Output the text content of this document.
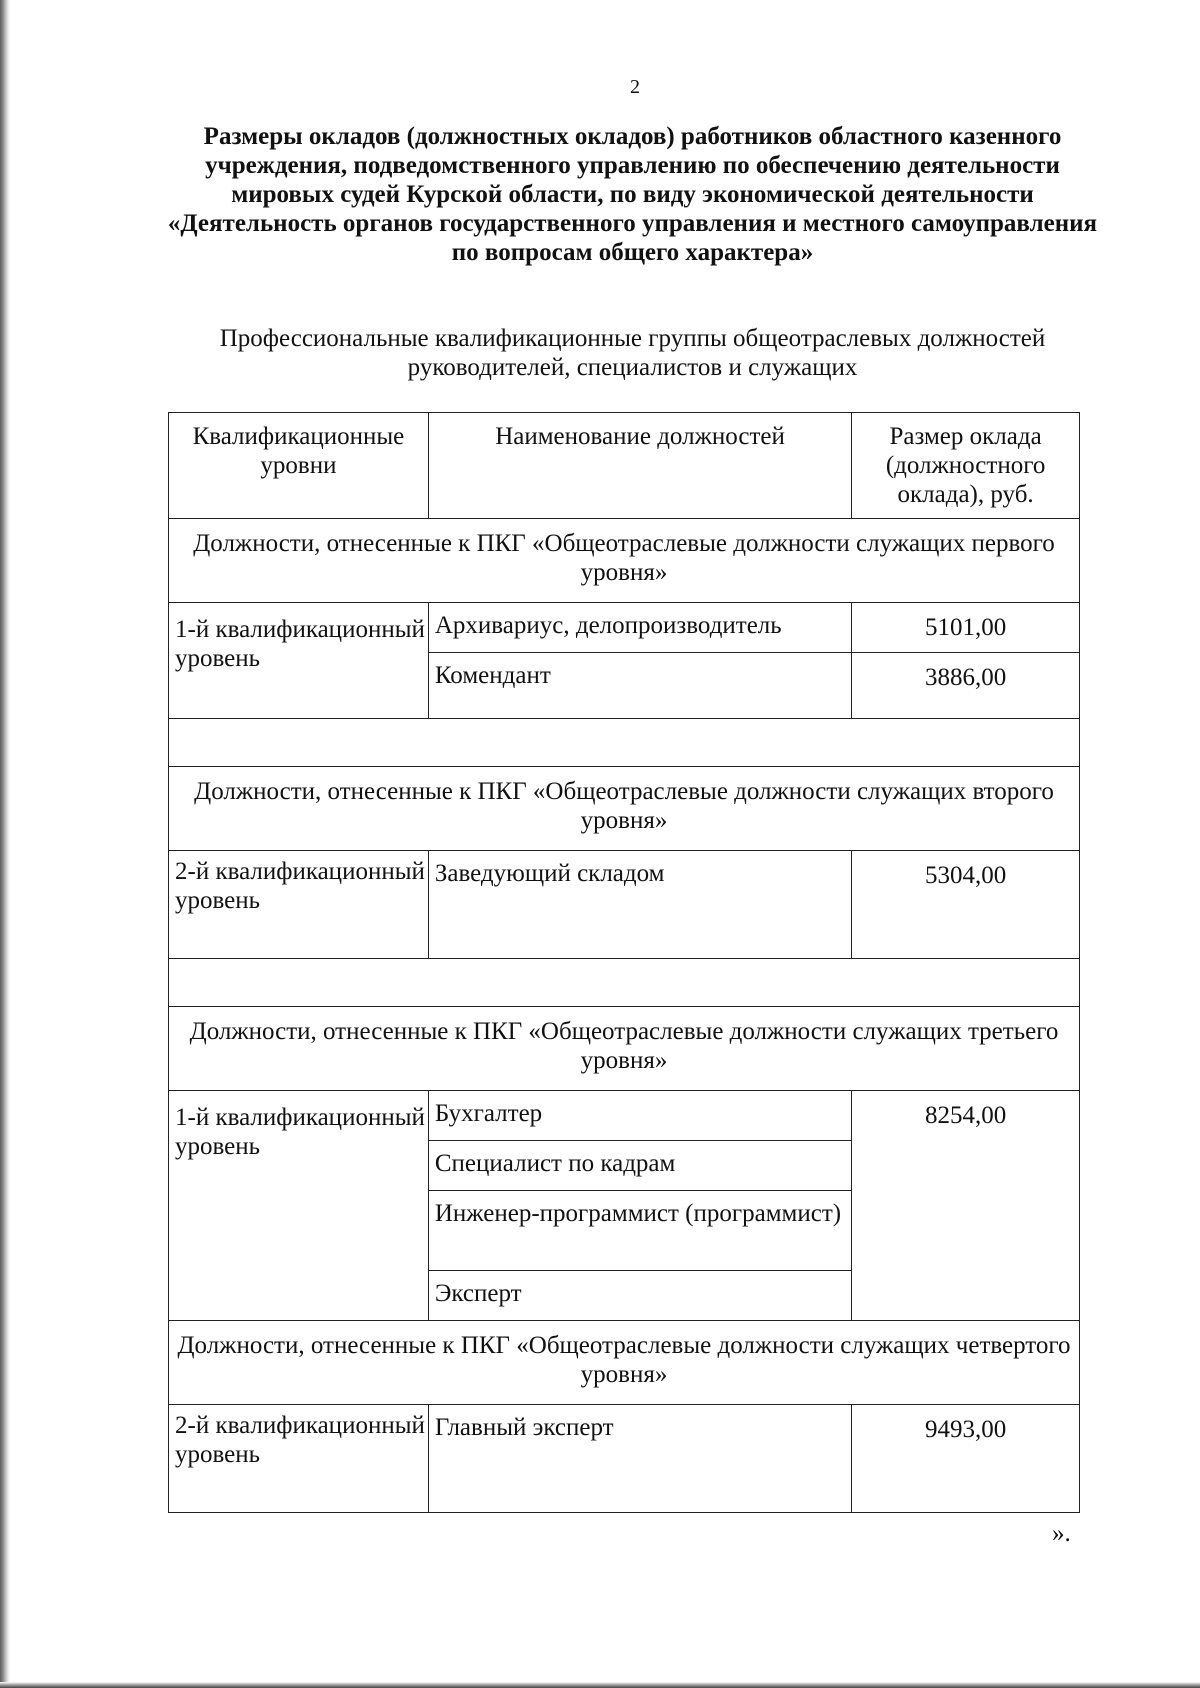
2
Размеры окладов (должностных окладов) работников областного казенного учреждения, подведомственного управлению по обеспечению деятельности мировых судей Курской области, по виду экономической деятельности «Деятельность органов государственного управления и местного самоуправления по вопросам общего характера»
Профессиональные квалификационные группы общеотраслевых должностей руководителей, специалистов и служащих
Квалификационные уровни	Наименование должностей	Размер оклада (должностного оклада), руб.
Должности, отнесенные к ПКГ «Общеотраслевые должности служащих первого уровня»		
1-й квалификационный уровень	Архивариус, делопроизводитель	5101,00
	Комендант	3886,00

Должности, отнесенные к ПКГ «Общеотраслевые должности служащих второго уровня»		
2-й квалификационный уровень	Заведующий складом	5304,00

Должности, отнесенные к ПКГ «Общеотраслевые должности служащих третьего уровня»		
1-й квалификационный уровень	Бухгалтер	8254,00
	Специалист по кадрам	
	Инженер-программист (программист)	
	Эксперт	
Должности, отнесенные к ПКГ «Общеотраслевые должности служащих четвертого уровня»		
2-й квалификационный уровень	Главный эксперт	9493,00
».
